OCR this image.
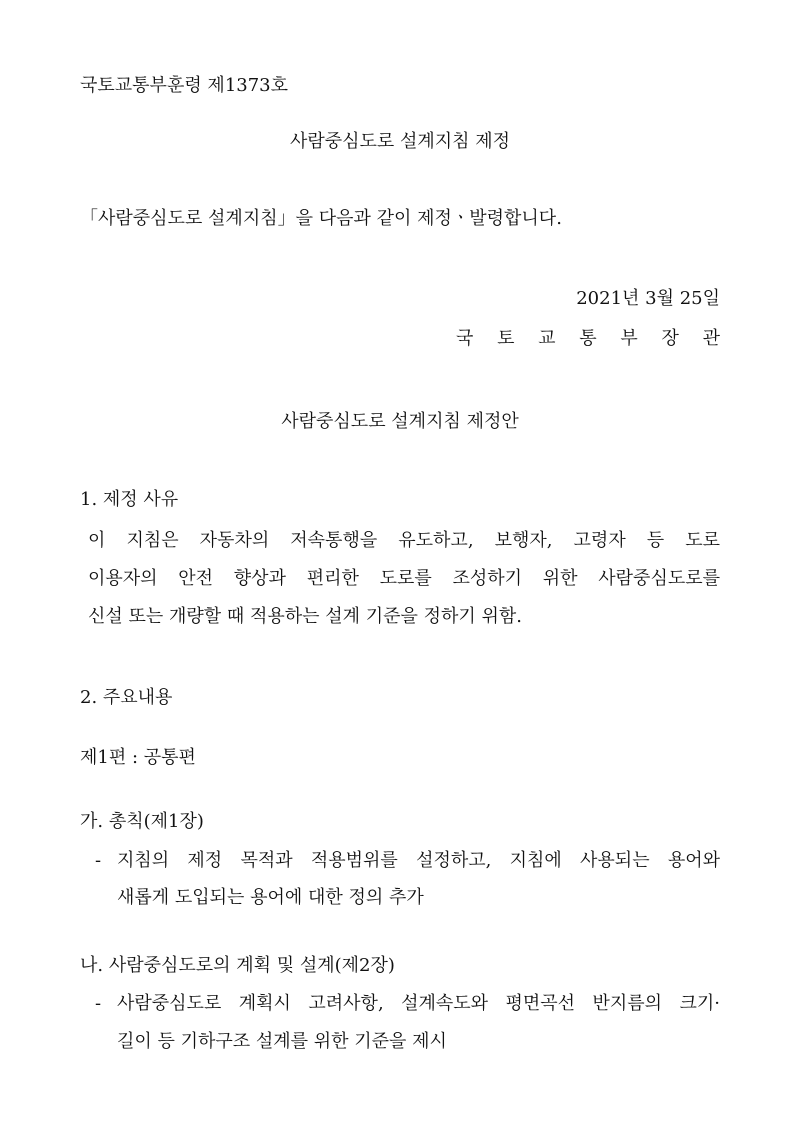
국토교통부훈령 제1373호
사람중심도로 설계지침 제정
「사람중심도로 설계지침」을 다음과 같이 제정ㆍ발령합니다.
2021년 3월 25일
국 토 교 통 부 장 관
사람중심도로 설계지침 제정안
1. 제정 사유
이 지침은 자동차의 저속통행을 유도하고, 보행자, 고령자 등 도로
이용자의 안전 향상과 편리한 도로를 조성하기 위한 사람중심도로를
신설 또는 개량할 때 적용하는 설계 기준을 정하기 위함.
2. 주요내용
제1편 : 공통편
가. 총칙(제1장)
- 지침의 제정 목적과 적용범위를 설정하고, 지침에 사용되는 용어와
새롭게 도입되는 용어에 대한 정의 추가
나. 사람중심도로의 계획 및 설계(제2장)
- 사람중심도로 계획시 고려사항, 설계속도와 평면곡선 반지름의 크기·
길이 등 기하구조 설계를 위한 기준을 제시
